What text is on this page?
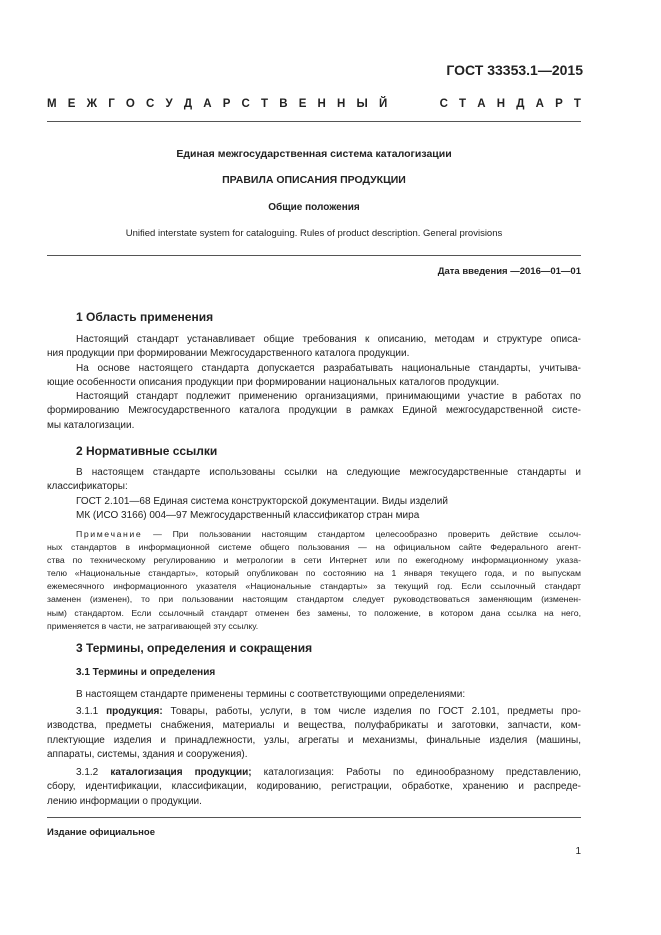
ГОСТ 33353.1—2015
М Е Ж Г О С У Д А Р С Т В Е Н Н Ы Й	С Т А Н Д А Р Т
Единая межгосударственная система каталогизации
ПРАВИЛА ОПИСАНИЯ ПРОДУКЦИИ
Общие положения
Unified interstate system for cataloguing. Rules of product description. General provisions
Дата введения —2016—01—01
1 Область применения
Настоящий стандарт устанавливает общие требования к описанию, методам и структуре описа-
ния продукции при формировании Межгосударственного каталога продукции.
На основе настоящего стандарта допускается разрабатывать национальные стандарты, учитыва-
ющие особенности описания продукции при формировании национальных каталогов продукции.
Настоящий стандарт подлежит применению организациями, принимающими участие в работах по
формированию Межгосударственного каталога продукции в рамках Единой межгосударственной систе-
мы каталогизации.
2 Нормативные ссылки
В настоящем стандарте использованы ссылки на следующие межгосударственные стандарты и
классификаторы:
ГОСТ 2.101—68 Единая система конструкторской документации. Виды изделий
МК (ИСО 3166) 004—97 Межгосударственный классификатор стран мира
Примечание — При пользовании настоящим стандартом целесообразно проверить действие ссылоч-
ных стандартов в информационной системе общего пользования — на официальном сайте Федерального агент-
ства по техническому регулированию и метрологии в сети Интернет или по ежегодному информационному указа-
телю «Национальные стандарты», который опубликован по состоянию на 1 января текущего года, и по выпускам
ежемесячного информационного указателя «Национальные стандарты» за текущий год. Если ссылочный стандарт
заменен (изменен), то при пользовании настоящим стандартом следует руководствоваться заменяющим (изменен-
ным) стандартом. Если ссылочный стандарт отменен без замены, то положение, в котором дана ссылка на него,
применяется в части, не затрагивающей эту ссылку.
3 Термины, определения и сокращения
3.1 Термины и определения
В настоящем стандарте применены термины с соответствующими определениями:
3.1.1 продукция: Товары, работы, услуги, в том числе изделия по ГОСТ 2.101, предметы про-
изводства, предметы снабжения, материалы и вещества, полуфабрикаты и заготовки, запчасти, ком-
плектующие изделия и принадлежности, узлы, агрегаты и механизмы, финальные изделия (машины,
аппараты, системы, здания и сооружения).
3.1.2 каталогизация продукции; каталогизация: Работы по единообразному представлению,
сбору, идентификации, классификации, кодированию, регистрации, обработке, хранению и распреде-
лению информации о продукции.
Издание официальное
1
